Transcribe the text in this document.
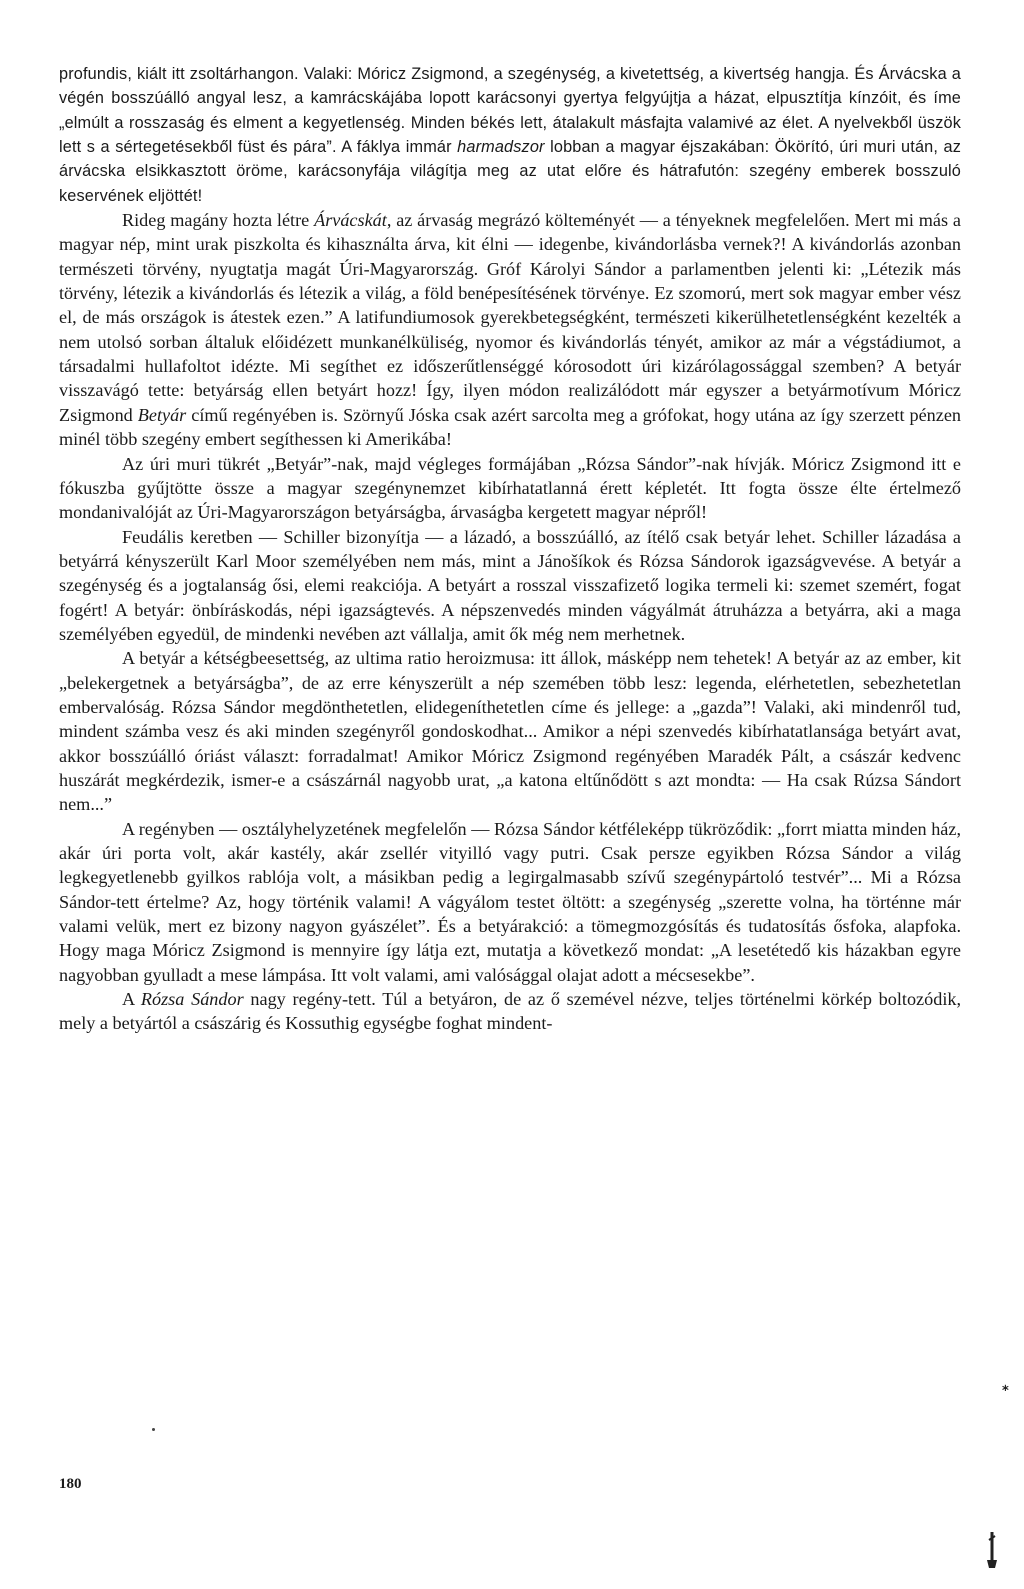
profundis, kiált itt zsoltárhangon. Valaki: Móricz Zsigmond, a szegénység, a kivetettség, a kivertség hangja. És Árvácska a végén bosszúálló angyal lesz, a kamrácskájába lopott karácsonyi gyertya felgyújtja a házat, elpusztítja kínzóit, és íme „elmúlt a rosszaság és elment a kegyetlenség. Minden békés lett, átalakult másfajta valamivé az élet. A nyelvekből üszök lett s a sértegetésekből füst és pára”. A fáklya immár harmadszor lobban a magyar éjszakában: Ökörító, úri muri után, az árvácska elsikkasztott öröme, karácsonyfája világítja meg az utat előre és hátrafutón: szegény emberek bosszuló keservének eljöttét!

Rideg magány hozta létre Árvácskát, az árvaság megrázó költeményét — a tényeknek megfelelően. Mert mi más a magyar nép, mint urak piszkolta és kihasználta árva, kit élni — idegenbe, kivándorlásba vernek?! A kivándorlás azonban természeti törvény, nyugtatja magát Úri-Magyarország. Gróf Károlyi Sándor a parlamentben jelenti ki: „Létezik más törvény, létezik a kivándorlás és létezik a világ, a föld benépesítésének törvénye. Ez szomorú, mert sok magyar ember vész el, de más országok is átestek ezen.” A latifundiumosok gyerekbetegségként, természeti kikerülhetetlenségként kezelték a nem utolsó sorban általuk előidézett munkanélküliség, nyomor és kivándorlás tényét, amikor az már a végstádiumot, a társadalmi hullafoltot idézte. Mi segíthet ez időszerűtlenséggé kórosodott úri kizárólagossággal szemben? A betyár visszavágó tette: betyárság ellen betyárt hozz! Így, ilyen módon realizálódott már egyszer a betyármotívum Móricz Zsigmond Betyár című regényében is. Szörnyű Jóska csak azért sarcolta meg a grófokat, hogy utána az így szerzett pénzen minél több szegény embert segíthessen ki Amerikába!

Az úri muri tükrét „Betyár”-nak, majd végleges formájában „Rózsa Sándor”-nak hívják. Móricz Zsigmond itt e fókuszba gyűjtötte össze a magyar szegénynemzet kibírhatatlanná érett képletét. Itt fogta össze élte értelmező mondanivalóját az Úri-Magyarországon betyárságba, árvaságba kergetett magyar népről!

Feudális keretben — Schiller bizonyítja — a lázadó, a bosszúálló, az ítélő csak betyár lehet. Schiller lázadása a betyárrá kényszerült Karl Moor személyében nem más, mint a Jánošíkok és Rózsa Sándorok igazságvevése. A betyár a szegénység és a jogtalanság ősi, elemi reakciója. A betyárt a rosszal visszafizető logika termeli ki: szemet szemért, fogat fogért! A betyár: önbíráskodás, népi igazságtevés. A népszenvedés minden vágyálmát átruházza a betyárra, aki a maga személyében egyedül, de mindenki nevében azt vállalja, amit ők még nem merhetnek.

A betyár a kétségbeesettség, az ultima ratio heroizmusa: itt állok, másképp nem tehetek! A betyár az az ember, kit „belekergetnek a betyárságba”, de az erre kényszerült a nép szemében több lesz: legenda, elérhetetlen, sebezhetetlan embervalóság. Rózsa Sándor megdönthetetlen, elidegeníthetetlen címe és jellege: a „gazda”! Valaki, aki mindenről tud, mindent számba vesz és aki minden szegényről gondoskodhat... Amikor a népi szenvedés kibírhatatlansága betyárt avat, akkor bosszúálló óriást választ: forradalmat! Amikor Móricz Zsigmond regényében Maradék Pált, a császár kedvenc huszárát megkérdezik, ismer-e a császárnál nagyobb urat, „a katona eltűnődött s azt mondta: — Ha csak Rúzsa Sándort nem...”

A regényben — osztályhelyzetének megfelelőn — Rózsa Sándor kétféleképp tükröződik: „forrt miatta minden ház, akár úri porta volt, akár kastély, akár zsellér vityilló vagy putri. Csak persze egyikben Rózsa Sándor a világ legkegyetlenebb gyilkos rablója volt, a másikban pedig a legirgalmasabb szívű szegénypártoló testvér”... Mi a Rózsa Sándor-tett értelme? Az, hogy történik valami! A vágyálom testet öltött: a szegénység „szerette volna, ha történne már valami velük, mert ez bizony nagyon gyászélet”. És a betyárakció: a tömegmozgósítás és tudatosítás ősfoka, alapfoka. Hogy maga Móricz Zsigmond is mennyire így látja ezt, mutatja a következő mondat: „A lesetétedő kis házakban egyre nagyobban gyulladt a mese lámpása. Itt volt valami, ami valósággal olajat adott a mécsesekbe”.

A Rózsa Sándor nagy regény-tett. Túl a betyáron, de az ő szemével nézve, teljes történelmi körkép boltozódik, mely a betyártól a császárig és Kossuthig egységbe foghat mindent-

⁎
180
